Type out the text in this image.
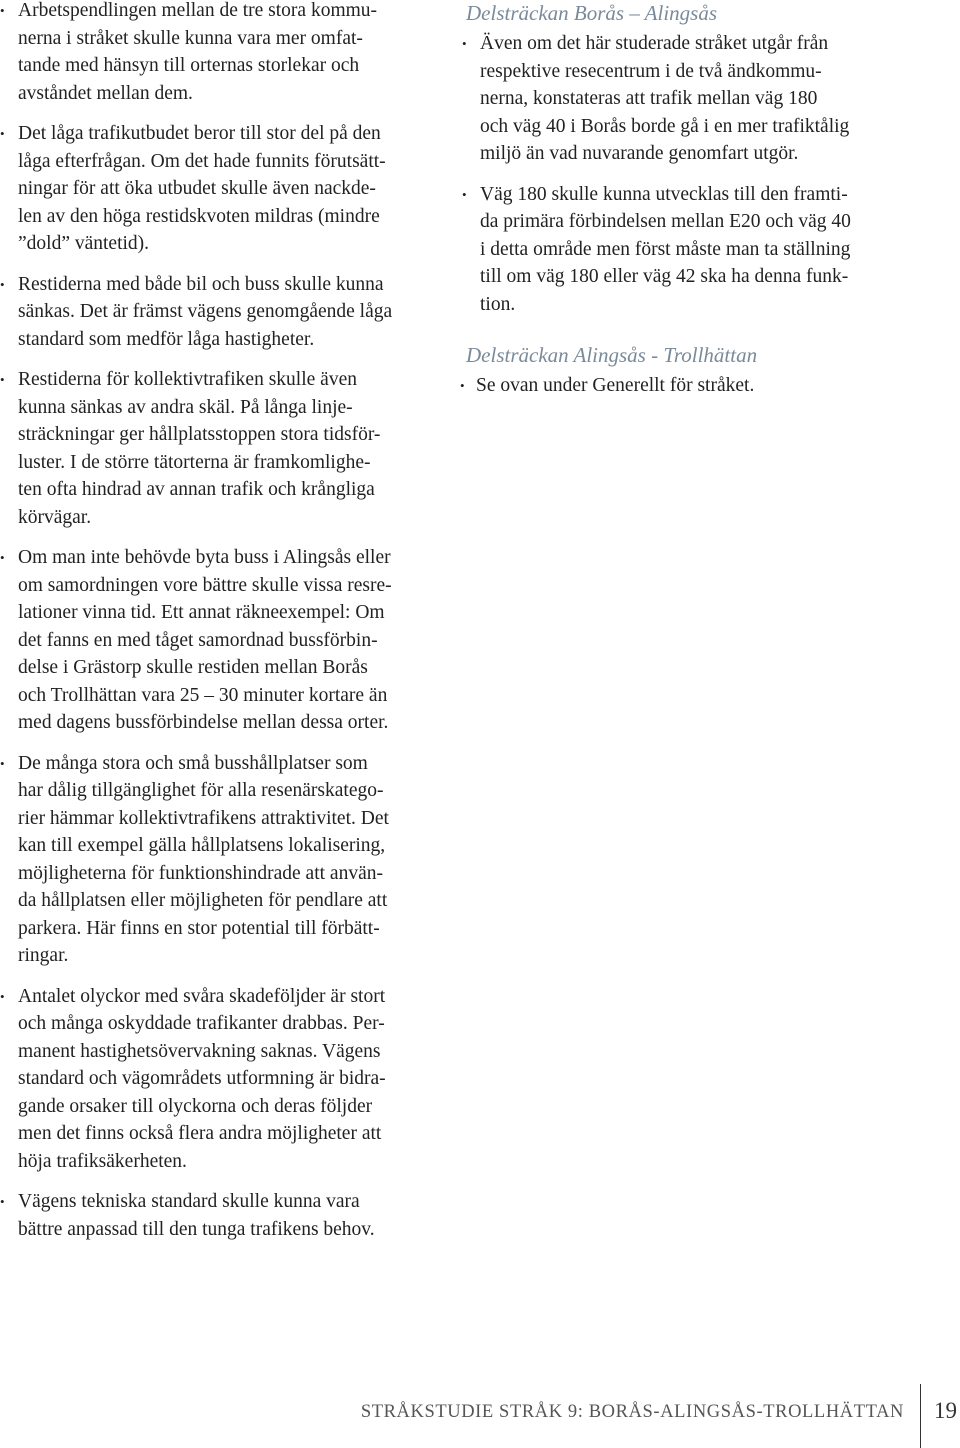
• Arbetspendlingen mellan de tre stora kommu-
nerna i stråket skulle kunna vara mer omfat-
tande med hänsyn till orternas storlekar och
avståndet mellan dem.
• Det låga trafikutbudet beror till stor del på den
låga efterfrågan. Om det hade funnits förutsätt-
ningar för att öka utbudet skulle även nackde-
len av den höga restidskvoten mildras (mindre
”dold” väntetid).
• Restiderna med både bil och buss skulle kunna
sänkas. Det är främst vägens genomgående låga
standard som medför låga hastigheter.
• Restiderna för kollektivtrafiken skulle även
kunna sänkas av andra skäl. På långa linje-
sträckningar ger hållplatsstoppen stora tidsför-
luster. I de större tätorterna är framkomlighe-
ten ofta hindrad av annan trafik och krångliga
körvägar.
• Om man inte behövde byta buss i Alingsås eller
om samordningen vore bättre skulle vissa resre-
lationer vinna tid. Ett annat räkneexempel: Om
det fanns en med tåget samordnad bussförbin-
delse i Grästorp skulle restiden mellan Borås
och Trollhättan vara 25 – 30 minuter kortare än
med dagens bussförbindelse mellan dessa orter.
• De många stora och små busshållplatser som
har dålig tillgänglighet för alla resenärskatego-
rier hämmar kollektivtrafikens attraktivitet. Det
kan till exempel gälla hållplatsens lokalisering,
möjligheterna för funktionshindrade att använ-
da hållplatsen eller möjligheten för pendlare att
parkera. Här finns en stor potential till förbätt-
ringar.
• Antalet olyckor med svåra skadeföljder är stort
och många oskyddade trafikanter drabbas. Per-
manent hastighetsövervakning saknas. Vägens
standard och vägområdets utformning är bidra-
gande orsaker till olyckorna och deras följder
men det finns också flera andra möjligheter att
höja trafiksäkerheten.
• Vägens tekniska standard skulle kunna vara
bättre anpassad till den tunga trafikens behov.
Delsträckan Borås – Alingsås
• Även om det här studerade stråket utgår från
respektive resecentrum i de två ändkommu-
nerna, konstateras att trafik mellan väg 180
och väg 40 i Borås borde gå i en mer trafiktålig
miljö än vad nuvarande genomfart utgör.
• Väg 180 skulle kunna utvecklas till den framti-
da primära förbindelsen mellan E20 och väg 40
i detta område men först måste man ta ställning
till om väg 180 eller väg 42 ska ha denna funk-
tion.
Delsträckan Alingsås - Trollhättan
• Se ovan under Generellt för stråket.
STRÅKSTUDIE STRÅK 9: BORÅS-ALINGSÅS-TROLLHÄTTAN 19
